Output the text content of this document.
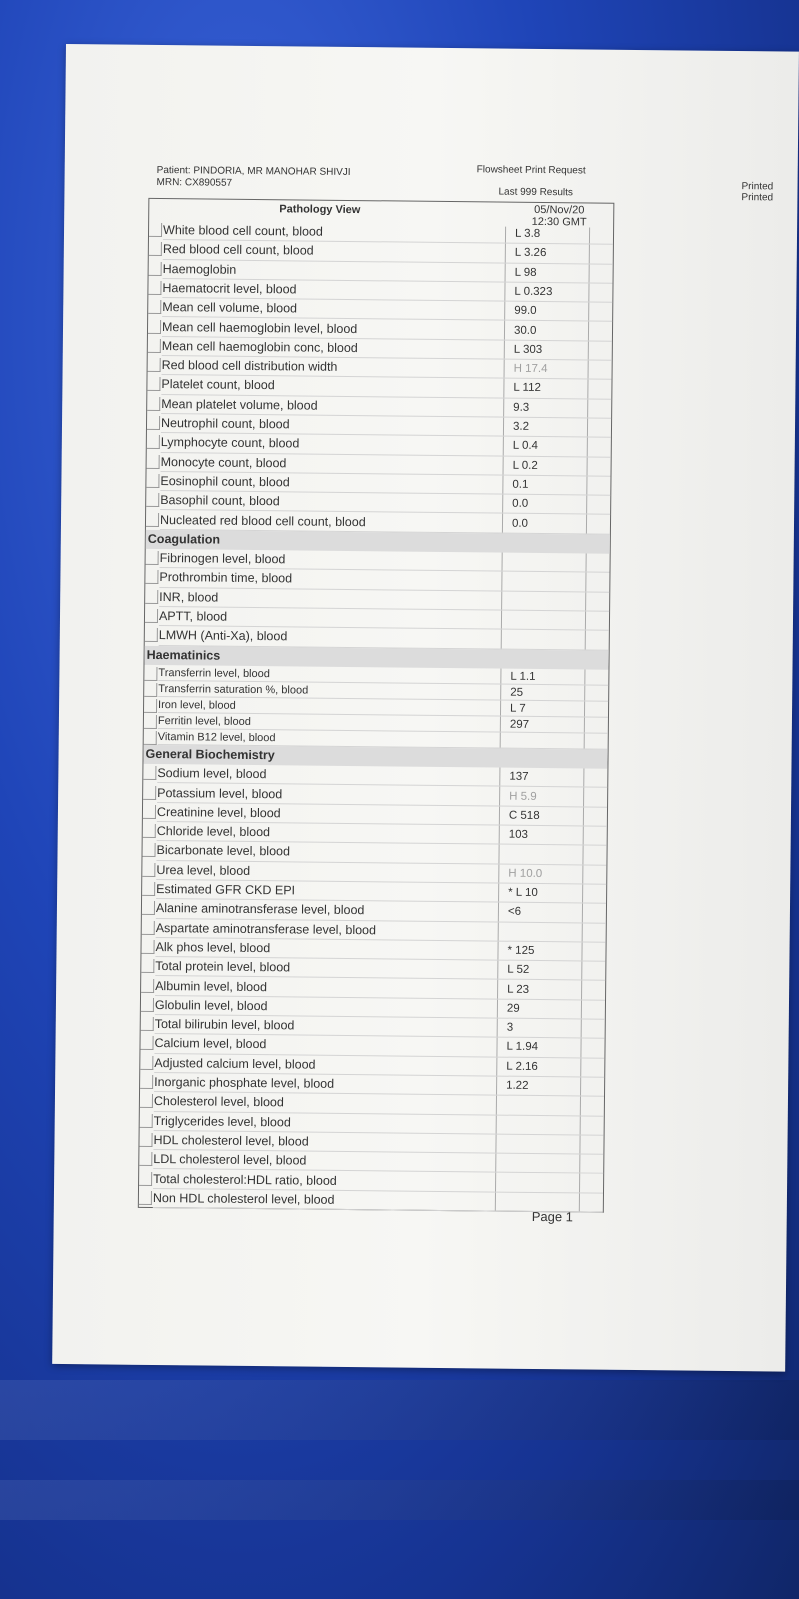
Patient: PINDORIA, MR MANOHAR SHIVJI
MRN: CX890557
Flowsheet Print Request
Last 999 Results	Printed
Printed
Pathology View	05/Nov/20
12:30 GMT
White blood cell count, blood	L 3.8
Red blood cell count, blood	L 3.26
Haemoglobin	L 98
Haematocrit level, blood	L 0.323
Mean cell volume, blood	99.0
Mean cell haemoglobin level, blood	30.0
Mean cell haemoglobin conc, blood	L 303
Red blood cell distribution width	H 17.4
Platelet count, blood	L 112
Mean platelet volume, blood	9.3
Neutrophil count, blood	3.2
Lymphocyte count, blood	L 0.4
Monocyte count, blood	L 0.2
Eosinophil count, blood	0.1
Basophil count, blood	0.0
Nucleated red blood cell count, blood	0.0
Coagulation
Fibrinogen level, blood
Prothrombin time, blood
INR, blood
APTT, blood
LMWH (Anti-Xa), blood
Haematinics
Transferrin level, blood	L 1.1
Transferrin saturation %, blood	25
Iron level, blood	L 7
Ferritin level, blood	297
Vitamin B12 level, blood
General Biochemistry
Sodium level, blood	137
Potassium level, blood	H 5.9
Creatinine level, blood	C 518
Chloride level, blood	103
Bicarbonate level, blood
Urea level, blood	H 10.0
Estimated GFR CKD EPI	* L 10
Alanine aminotransferase level, blood	<6
Aspartate aminotransferase level, blood
Alk phos level, blood	* 125
Total protein level, blood	L 52
Albumin level, blood	L 23
Globulin level, blood	29
Total bilirubin level, blood	3
Calcium level, blood	L 1.94
Adjusted calcium level, blood	L 2.16
Inorganic phosphate level, blood	1.22
Cholesterol level, blood
Triglycerides level, blood
HDL cholesterol level, blood
LDL cholesterol level, blood
Total cholesterol:HDL ratio, blood
Non HDL cholesterol level, blood
Page 1
